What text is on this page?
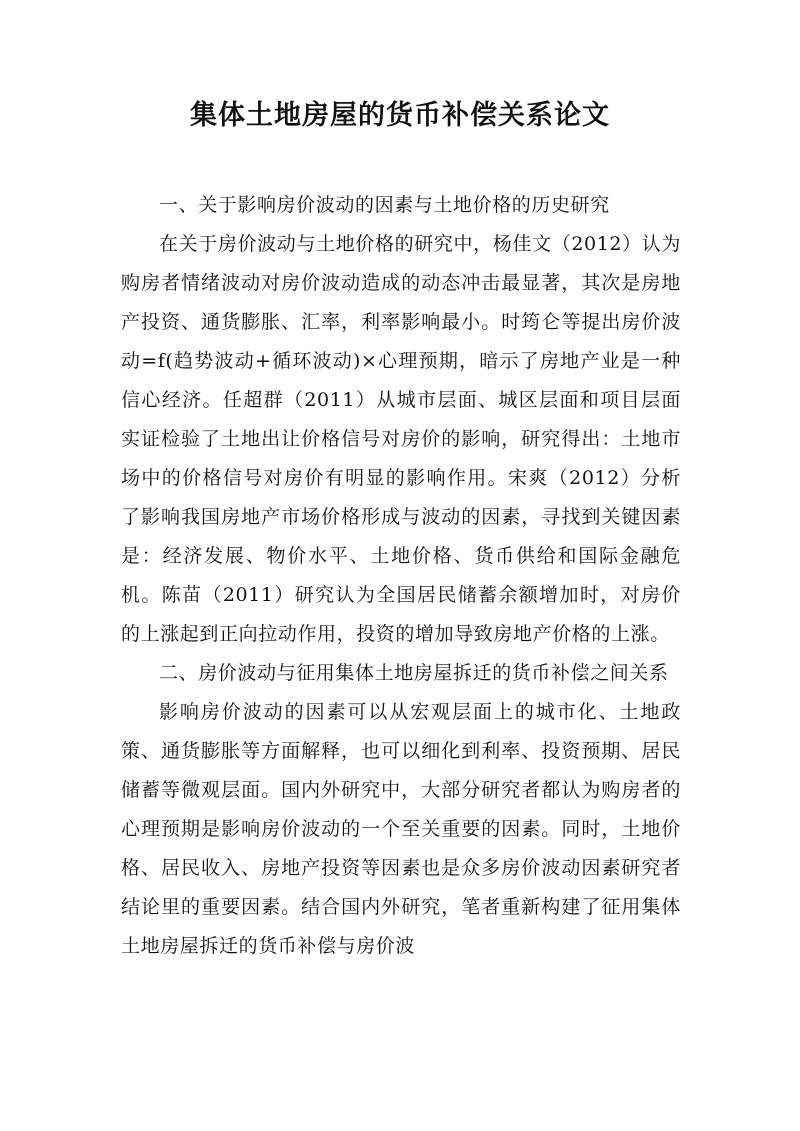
集体土地房屋的货币补偿关系论文

一、关于影响房价波动的因素与土地价格的历史研究

在关于房价波动与土地价格的研究中，杨佳文（2012）认为购房者情绪波动对房价波动造成的动态冲击最显著，其次是房地产投资、通货膨胀、汇率，利率影响最小。时筠仑等提出房价波动=f(趋势波动+循环波动)×心理预期，暗示了房地产业是一种信心经济。任超群（2011）从城市层面、城区层面和项目层面实证检验了土地出让价格信号对房价的影响，研究得出：土地市场中的价格信号对房价有明显的影响作用。宋爽（2012）分析了影响我国房地产市场价格形成与波动的因素，寻找到关键因素是：经济发展、物价水平、土地价格、货币供给和国际金融危机。陈苗（2011）研究认为全国居民储蓄余额增加时，对房价的上涨起到正向拉动作用，投资的增加导致房地产价格的上涨。

二、房价波动与征用集体土地房屋拆迁的货币补偿之间关系

影响房价波动的因素可以从宏观层面上的城市化、土地政策、通货膨胀等方面解释，也可以细化到利率、投资预期、居民储蓄等微观层面。国内外研究中，大部分研究者都认为购房者的心理预期是影响房价波动的一个至关重要的因素。同时，土地价格、居民收入、房地产投资等因素也是众多房价波动因素研究者结论里的重要因素。结合国内外研究，笔者重新构建了征用集体土地房屋拆迁的货币补偿与房价波
